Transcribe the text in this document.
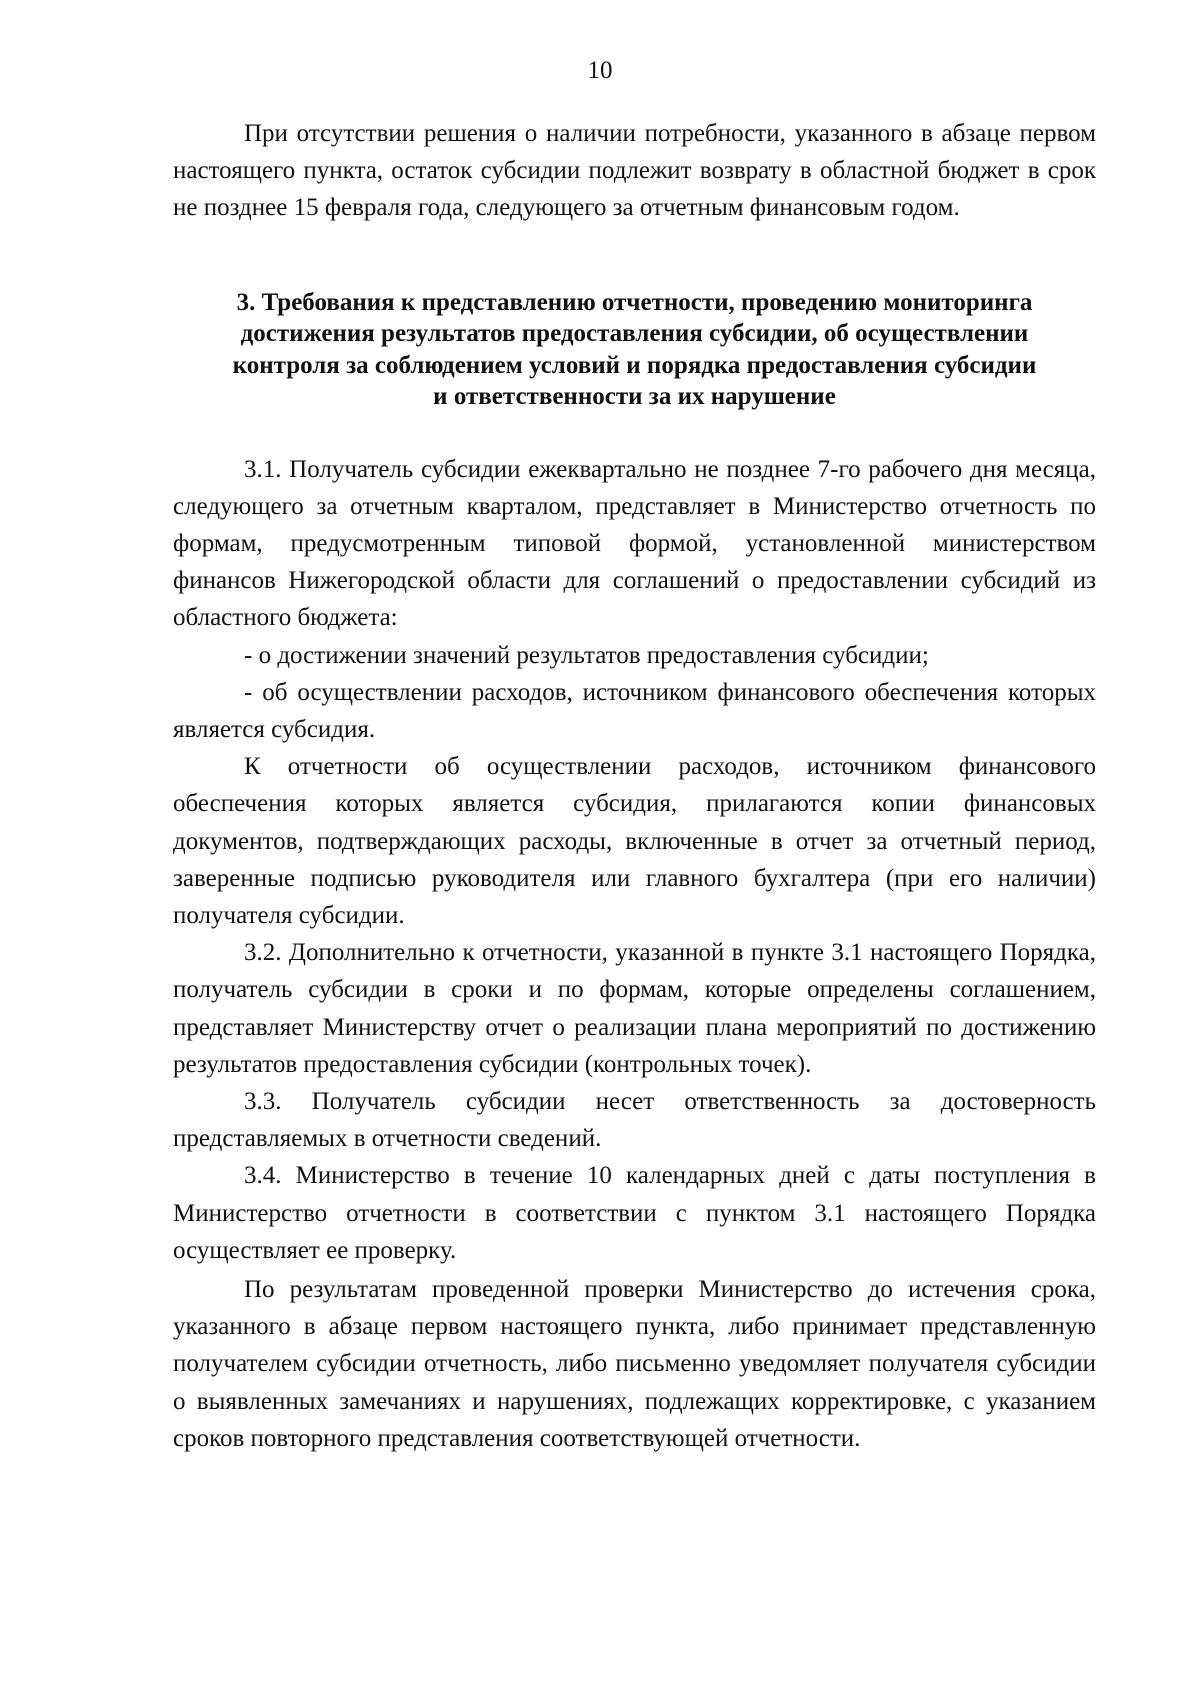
10

При отсутствии решения о наличии потребности, указанного в абзаце первом настоящего пункта, остаток субсидии подлежит возврату в областной бюджет в срок не позднее 15 февраля года, следующего за отчетным финансовым годом.

3. Требования к представлению отчетности, проведению мониторинга
достижения результатов предоставления субсидии, об осуществлении
контроля за соблюдением условий и порядка предоставления субсидии
и ответственности за их нарушение

3.1. Получатель субсидии ежеквартально не позднее 7-го рабочего дня месяца, следующего за отчетным кварталом, представляет в Министерство отчетность по формам, предусмотренным типовой формой, установленной министерством финансов Нижегородской области для соглашений о предоставлении субсидий из областного бюджета:

- о достижении значений результатов предоставления субсидии;

- об осуществлении расходов, источником финансового обеспечения которых является субсидия.

К отчетности об осуществлении расходов, источником финансового обеспечения которых является субсидия, прилагаются копии финансовых документов, подтверждающих расходы, включенные в отчет за отчетный период, заверенные подписью руководителя или главного бухгалтера (при его наличии) получателя субсидии.

3.2. Дополнительно к отчетности, указанной в пункте 3.1 настоящего Порядка, получатель субсидии в сроки и по формам, которые определены соглашением, представляет Министерству отчет о реализации плана мероприятий по достижению результатов предоставления субсидии (контрольных точек).

3.3. Получатель субсидии несет ответственность за достоверность представляемых в отчетности сведений.

3.4. Министерство в течение 10 календарных дней с даты поступления в Министерство отчетности в соответствии с пунктом 3.1 настоящего Порядка осуществляет ее проверку.

По результатам проведенной проверки Министерство до истечения срока, указанного в абзаце первом настоящего пункта, либо принимает представленную получателем субсидии отчетность, либо письменно уведомляет получателя субсидии о выявленных замечаниях и нарушениях, подлежащих корректировке, с указанием сроков повторного представления соответствующей отчетности.
